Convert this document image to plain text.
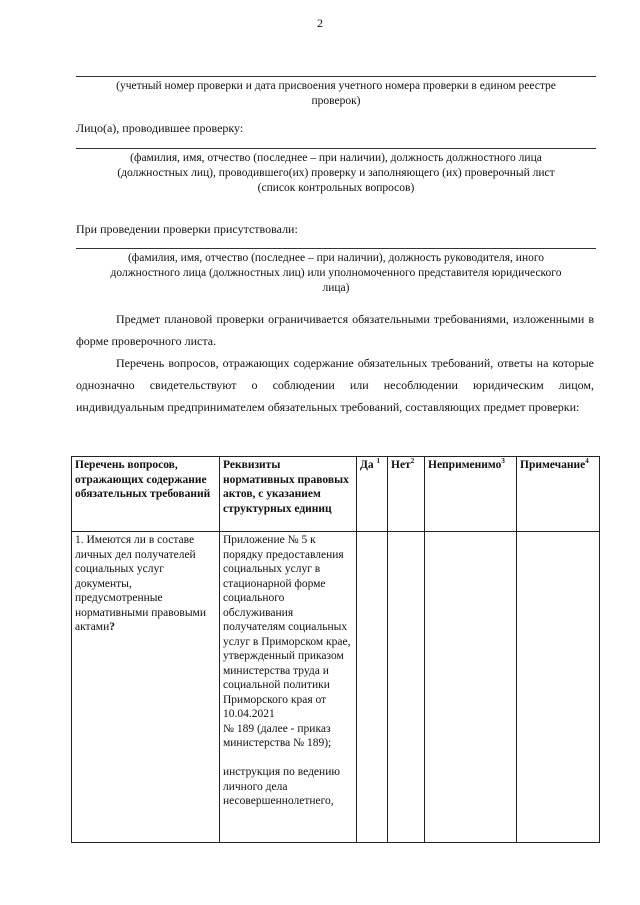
2
(учетный номер проверки и дата присвоения учетного номера проверки в едином реестре
проверок)
Лицо(а), проводившее проверку:
(фамилия, имя, отчество (последнее – при наличии), должность должностного лица
(должностных лиц), проводившего(их) проверку и заполняющего (их) проверочный лист
(список контрольных вопросов)
При проведении проверки присутствовали:
(фамилия, имя, отчество (последнее – при наличии), должность руководителя, иного
должностного лица (должностных лиц) или уполномоченного представителя юридического
лица)

Предмет плановой проверки ограничивается обязательными требованиями, изложенными в форме проверочного листа.

Перечень вопросов, отражающих содержание обязательных требований, ответы на которые однозначно свидетельствуют о соблюдении или несоблюдении юридическим лицом, индивидуальным предпринимателем обязательных требований, составляющих предмет проверки:

Перечень вопросов, отражающих содержание обязательных требований	Реквизиты нормативных правовых актов, с указанием структурных единиц	Да $^1$	Нет$^2$	Неприменимо$^3$	Примечание$^4$
1. Имеются ли в составе личных дел получателей социальных услуг документы, предусмотренные нормативными правовыми актами?	Приложение № 5 к порядку предоставления социальных услуг в стационарной форме социального обслуживания получателям социальных услуг в Приморском крае, утвержденный приказом министерства труда и социальной политики Приморского края от 10.04.2021
№ 189 (далее - приказ министерства № 189);
инструкция по ведению личного дела несовершеннолетнего,				
